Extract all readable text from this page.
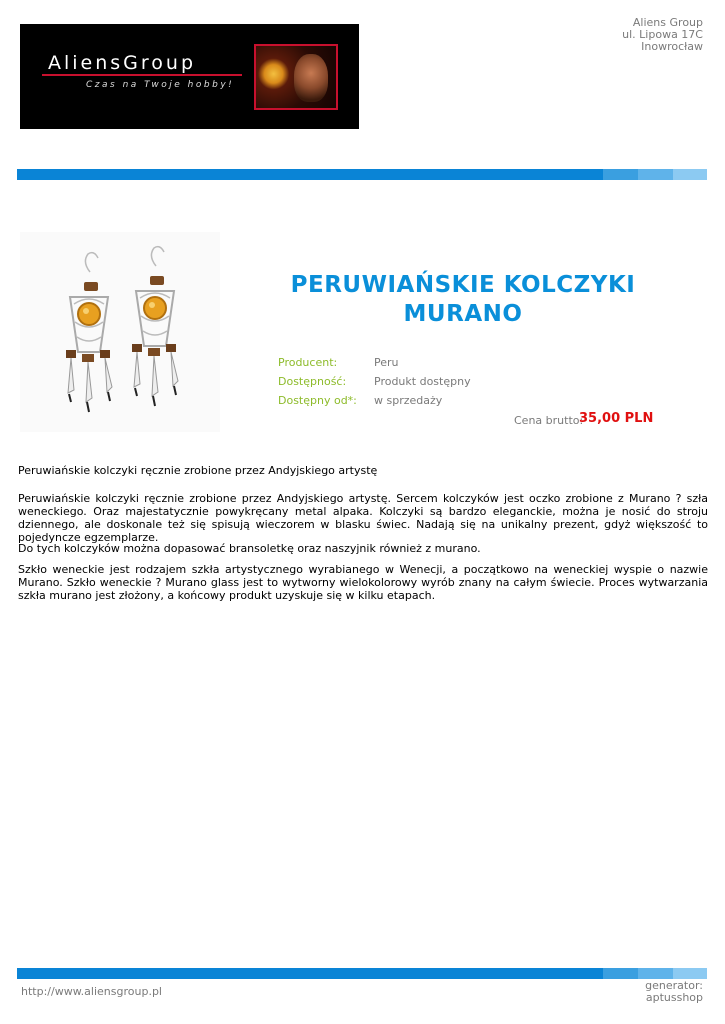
AliensGroup
Czas na Twoje hobby!
Aliens Group
ul. Lipowa 17C
Inowrocław
PERUWIAŃSKIE KOLCZYKI MURANO
Producent:	Peru
Dostępność:	Produkt dostępny
Dostępny od*: w sprzedaży
Cena brutto:
35,00 PLN

Peruwiańskie kolczyki ręcznie zrobione przez Andyjskiego artystę

Peruwiańskie kolczyki ręcznie zrobione przez Andyjskiego artystę. Sercem kolczyków jest oczko zrobione z Murano ? szła weneckiego. Oraz majestatycznie powykręcany metal alpaka. Kolczyki są bardzo eleganckie, można je nosić do stroju dziennego, ale doskonale też się spisują wieczorem w blasku świec. Nadają się na unikalny prezent, gdyż większość to pojedyncze egzemplarze.

Do tych kolczyków można dopasować bransoletkę oraz naszyjnik również z murano.

Szkło weneckie jest rodzajem szkła artystycznego wyrabianego w Wenecji, a początkowo na weneckiej wyspie o nazwie Murano. Szkło weneckie ? Murano glass jest to wytworny wielokolorowy wyrób znany na całym świecie. Proces wytwarzania szkła murano jest złożony, a końcowy produkt uzyskuje się w kilku etapach.

http://www.aliensgroup.pl	generator:
aptusshop
